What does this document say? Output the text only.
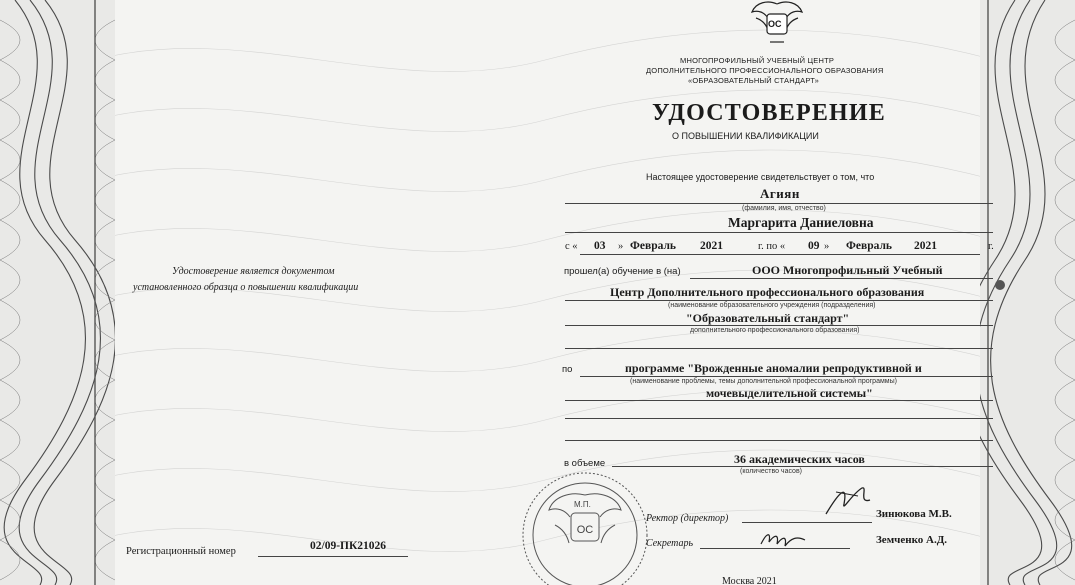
ОС
МНОГОПРОФИЛЬНЫЙ УЧЕБНЫЙ ЦЕНТР
ДОПОЛНИТЕЛЬНОГО ПРОФЕССИОНАЛЬНОГО ОБРАЗОВАНИЯ
«ОБРАЗОВАТЕЛЬНЫЙ СТАНДАРТ»
УДОСТОВЕРЕНИЕ
О ПОВЫШЕНИИ КВАЛИФИКАЦИИ
Удостоверение является документом
установленного образца о повышении квалификации
Регистрационный номер	02/09-ПК21026
Настоящее удостоверение свидетельствует о том, что
Агиян
(фамилия, имя, отчество)
Маргарита Даниеловна
с « 03 » Февраль 2021	г. по « 09 » Февраль 2021	г.
прошел(а) обучение в (на)	ООО Многопрофильный Учебный
Центр Дополнительного профессионального образования
(наименование образовательного учреждения (подразделения)
"Образовательный стандарт"
дополнительного профессионального образования)
по	программе "Врожденные аномалии репродуктивной и
(наименование проблемы, темы дополнительной профессиональной программы)
мочевыделительной системы"
в объеме	36 академических часов
(количество часов)
ОС
М.П.
Ректор (директор)	Зинюкова М.В.
Секретарь	Земченко А.Д.
Москва 2021
